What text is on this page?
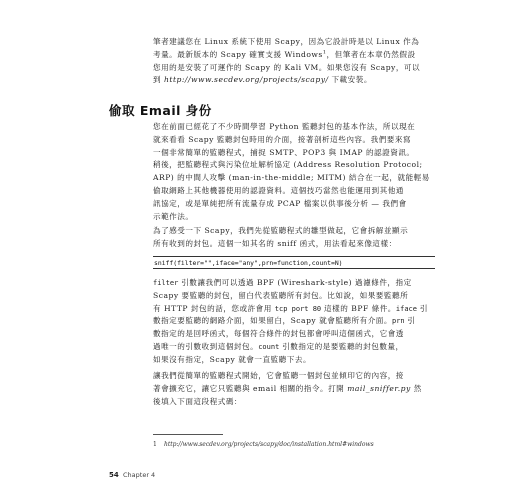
筆者建議您在 Linux 系統下使用 Scapy，因為它設計時是以 Linux 作為

考量。最新版本的 Scapy 確實支援 Windows$^1$，但筆者在本章仍然假設

您用的是安裝了可運作的 Scapy 的 Kali VM。如果您沒有 Scapy，可以

到 http://www.secdev.org/projects/scapy/ 下載安裝。

偷取 Email 身份

您在前面已經花了不少時間學習 Python 監聽封包的基本作法，所以現在

就來看看 Scapy 監聽封包時用的介面，接著剖析這些內容。我們要來寫

一個非常簡單的監聽程式，捕捉 SMTP、POP3 與 IMAP 的認證資訊。

稍後，把監聽程式與污染位址解析協定 (Address Resolution Protocol;

ARP) 的中間人攻擊 (man-in-the-middle; MITM) 結合在一起，就能輕易

偷取網路上其他機器使用的認證資料。這個技巧當然也能運用到其他通

訊協定，或是單純把所有流量存成 PCAP 檔案以供事後分析 — 我們會

示範作法。

為了感受一下 Scapy，我們先從監聽程式的雛型做起，它會拆解並顯示

所有收到的封包。這個一如其名的 sniff 函式，用法看起來像這樣：

sniff(filter="",iface="any",prn=function,count=N)

filter 引數讓我們可以透過 BPF (Wireshark-style) 過濾條件，指定

Scapy 要監聽的封包，留白代表監聽所有封包。比如說，如果要監聽所

有 HTTP 封包的話，您或許會用 tcp port 80 這樣的 BPF 條件。iface 引

數指定要監聽的網路介面，如果留白，Scapy 就會監聽所有介面。prn 引

數指定的是回呼函式，每個符合條件的封包都會呼叫這個函式，它會透

過唯一的引數收到這個封包。count 引數指定的是要監聽的封包數量，

如果沒有指定，Scapy 就會一直監聽下去。

讓我們從簡單的監聽程式開始，它會監聽一個封包並傾印它的內容，接

著會擴充它，讓它只監聽與 email 相關的指令。打開 mail_sniffer.py 然

後填入下面這段程式碼：

1 http://www.secdev.org/projects/scapy/doc/installation.html#windows
54 Chapter 4
